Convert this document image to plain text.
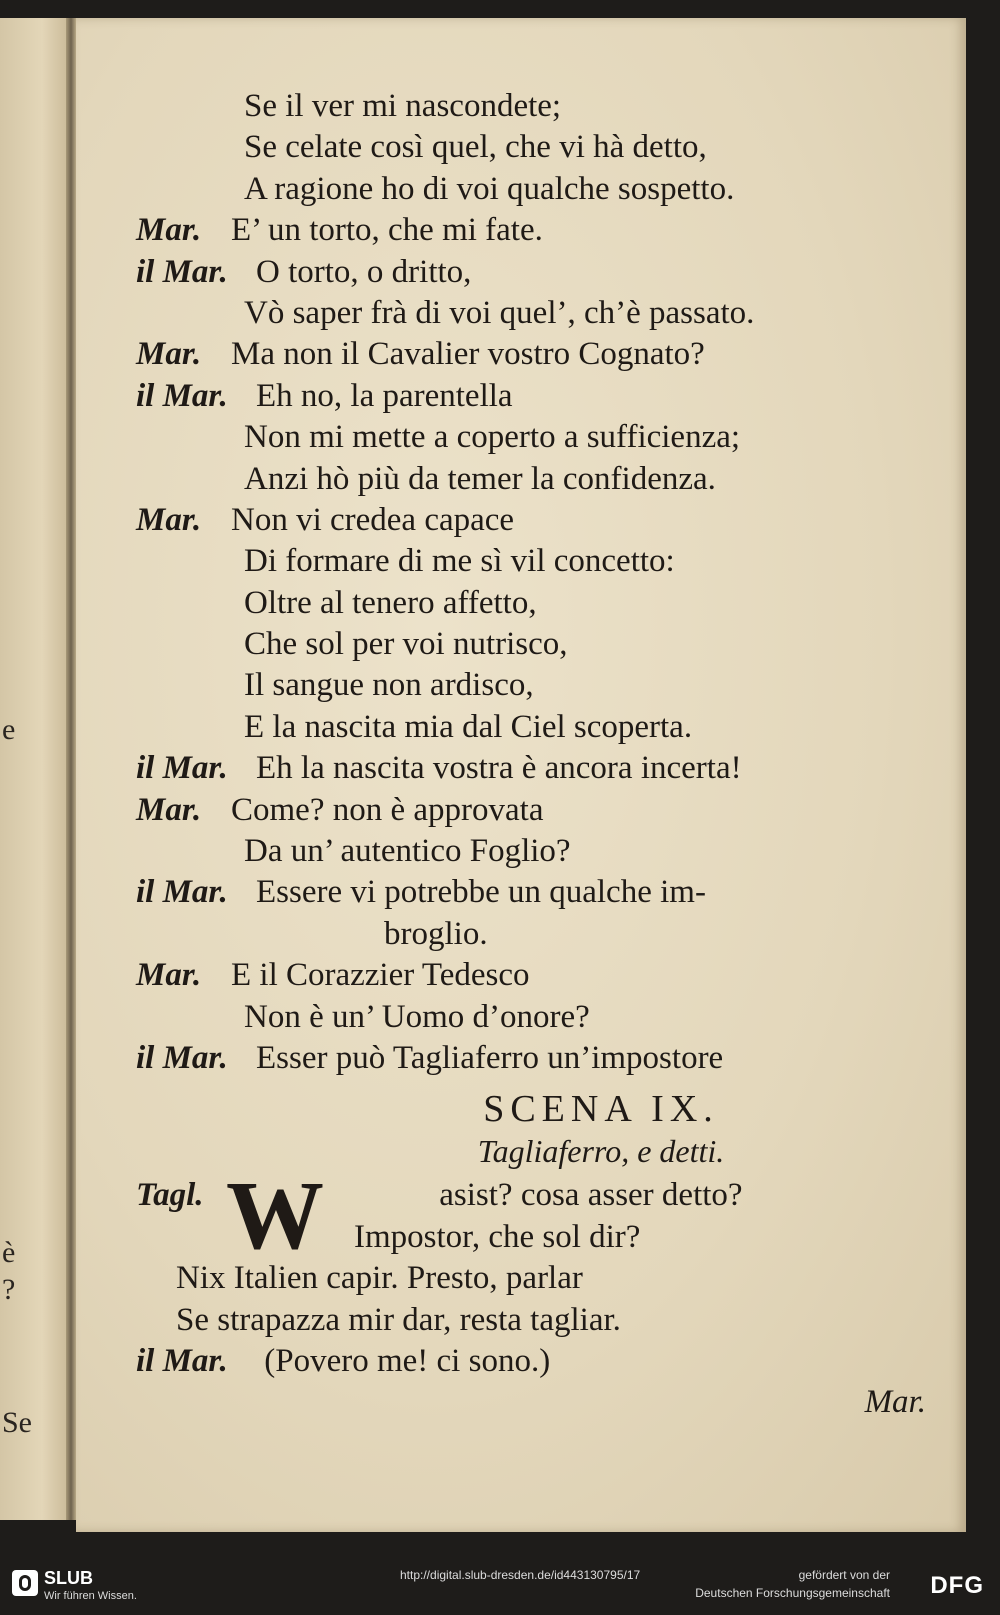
e
è
?
Se
Se il ver mi nascondete;
Se celate così quel, che vi hà detto,
A ragione ho di voi qualche sospetto.
Mar. E’ un torto, che mi fate.
il Mar. O torto, o dritto,
Vò saper frà di voi quel’, ch’è passato.
Mar. Ma non il Cavalier vostro Cognato?
il Mar. Eh no, la parentella
Non mi mette a coperto a sufficienza;
Anzi hò più da temer la confidenza.
Mar. Non vi credea capace
Di formare di me sì vil concetto:
Oltre al tenero affetto,
Che sol per voi nutrisco,
Il sangue non ardisco,
E la nascita mia dal Ciel scoperta.
il Mar. Eh la nascita vostra è ancora incerta!
Mar. Come? non è approvata
Da un’ autentico Foglio?
il Mar. Essere vi potrebbe un qualche im-
broglio.
Mar. E il Corazzier Tedesco
Non è un’ Uomo d’onore?
il Mar. Esser può Tagliaferro un’impostore
SCENA IX.
Tagliaferro, e detti.
Tagl. W	asist? cosa asser detto?
Impostor, che sol dir?
Nix Italien capir. Presto, parlar
Se strapazza mir dar, resta tagliar.
il Mar. (Povero me! ci sono.)
Mar.
SLUB
Wir führen Wissen.
http://digital.slub-dresden.de/id443130795/17	gefördert von der
Deutschen Forschungsgemeinschaft DFG
